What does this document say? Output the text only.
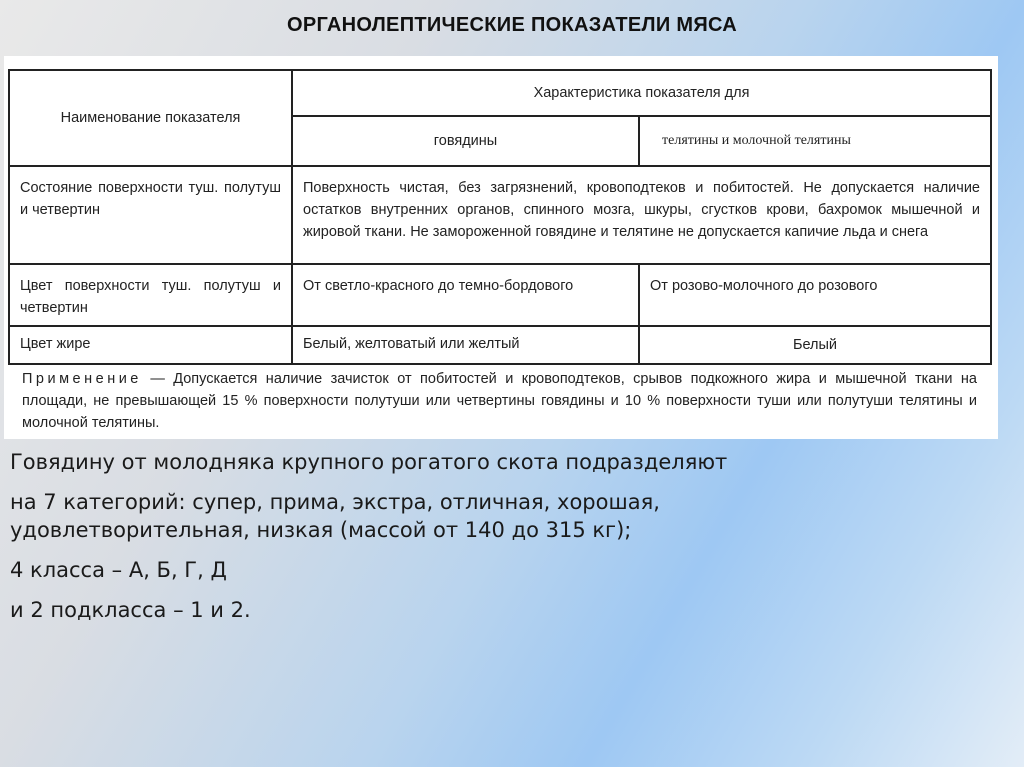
ОРГАНОЛЕПТИЧЕСКИЕ ПОКАЗАТЕЛИ МЯСА
Наименование показателя	Характеристика показателя для	
	говядины	телятины и молочной телятины
Состояние поверхности туш. полутуш и четвертин	Поверхность чистая, без загрязнений, кровоподтеков и побитостей. Не допускается наличие остатков внутренних органов, спинного мозга, шкуры, сгустков крови, бахромок мышечной и жировой ткани. Не замороженной говядине и телятине не допускается капичие льда и снега	
Цвет поверхности туш. полутуш и четвертин	От светло-красного до темно-бордового	От розово-молочного до розового
Цвет жире	Белый, желтоватый или желтый	Белый
Применение — Допускается наличие зачисток от побитостей и кровоподтеков, срывов подкожного жира и мышечной ткани на площади, не превышающей 15 % поверхности полутуши или четвертины говядины и 10 % поверхности туши или полутуши телятины и молочной телятины.

Говядину от молодняка крупного рогатого скота подразделяют

на 7 категорий: супер, прима, экстра, отличная, хорошая, удовлетворительная, низкая (массой от 140 до 315 кг);

4 класса – А, Б, Г, Д

и 2 подкласса – 1 и 2.
